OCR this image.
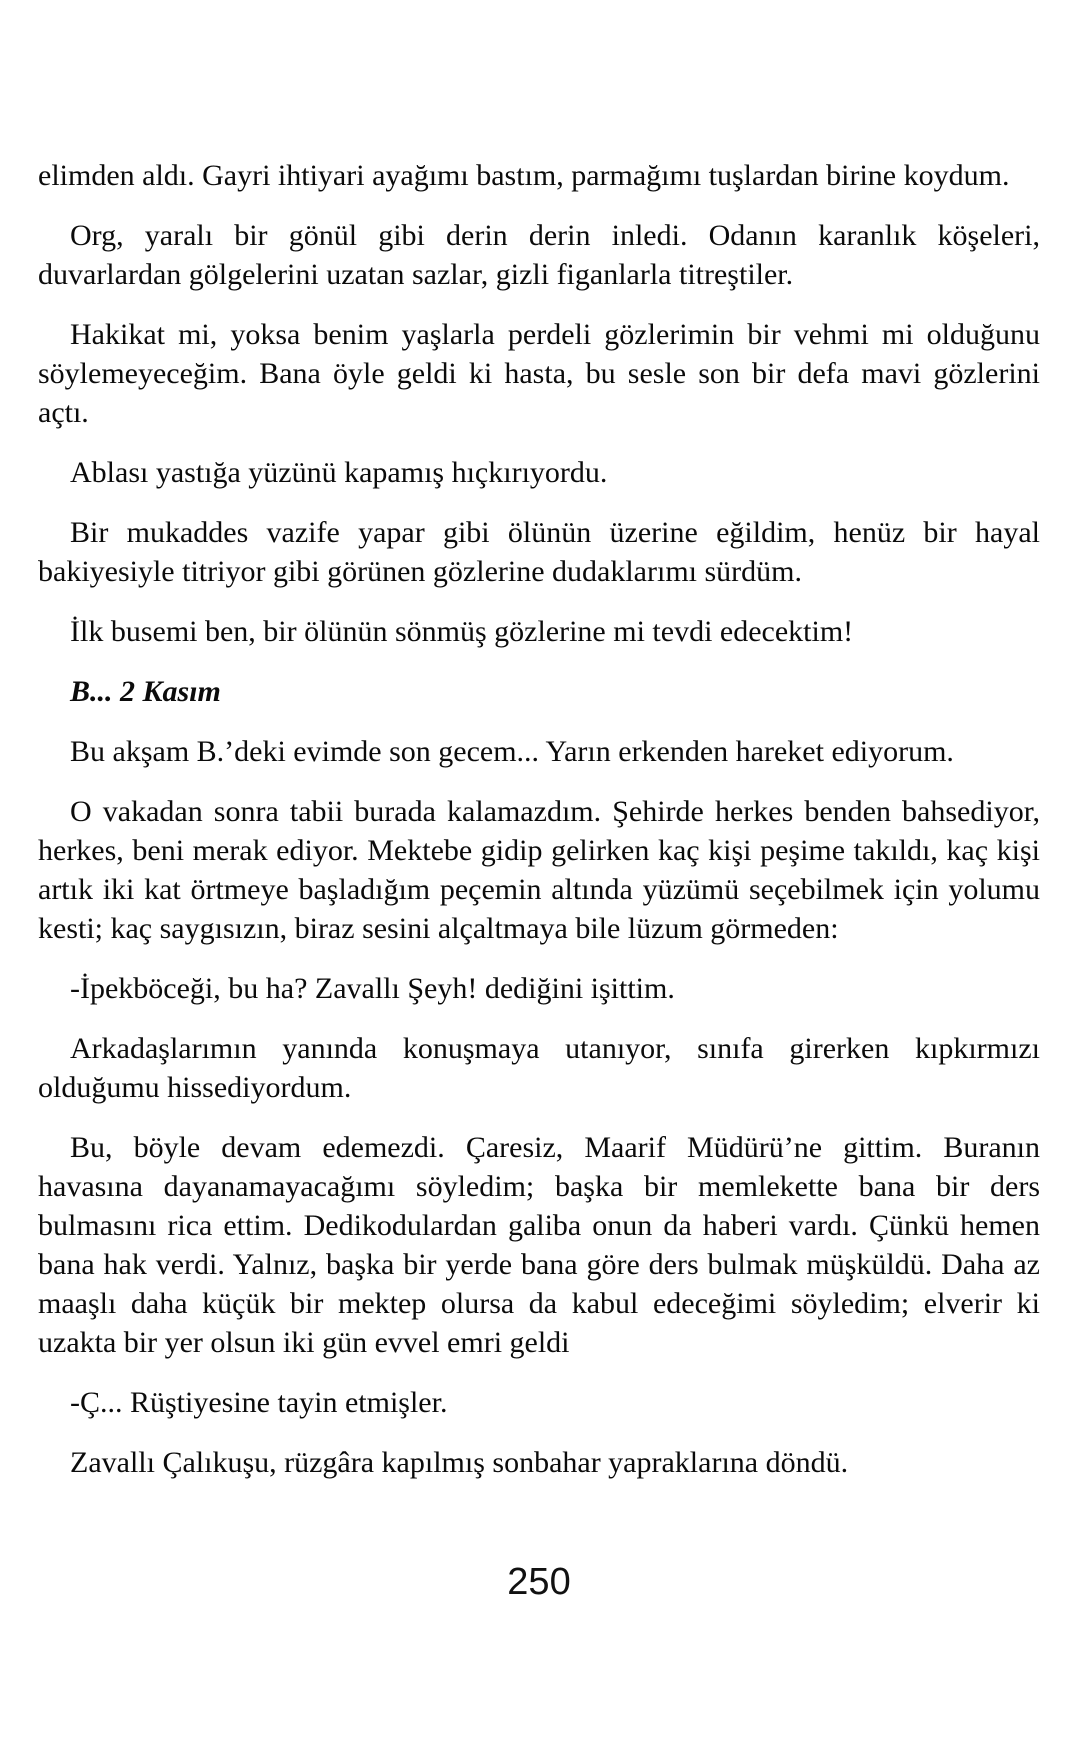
elimden aldı. Gayri ihtiyari ayağımı bastım, parmağımı tuşlardan birine koydum.

Org, yaralı bir gönül gibi derin derin inledi. Odanın karanlık köşeleri, duvarlardan gölgelerini uzatan sazlar, gizli figanlarla titreştiler.

Hakikat mi, yoksa benim yaşlarla perdeli gözlerimin bir vehmi mi olduğunu söylemeyeceğim. Bana öyle geldi ki hasta, bu sesle son bir defa mavi gözlerini açtı.

Ablası yastığa yüzünü kapamış hıçkırıyordu.

Bir mukaddes vazife yapar gibi ölünün üzerine eğildim, henüz bir hayal bakiyesiyle titriyor gibi görünen gözlerine dudaklarımı sürdüm.

İlk busemi ben, bir ölünün sönmüş gözlerine mi tevdi edecektim!

B... 2 Kasım

Bu akşam B.’deki evimde son gecem... Yarın erkenden hareket ediyorum.

O vakadan sonra tabii burada kalamazdım. Şehirde herkes benden bahsediyor, herkes, beni merak ediyor. Mektebe gidip gelirken kaç kişi peşime takıldı, kaç kişi artık iki kat örtmeye başladığım peçemin altında yüzümü seçebilmek için yolumu kesti; kaç saygısızın, biraz sesini alçaltmaya bile lüzum görmeden:

-İpekböceği, bu ha? Zavallı Şeyh! dediğini işittim.

Arkadaşlarımın yanında konuşmaya utanıyor, sınıfa girerken kıpkırmızı olduğumu hissediyordum.

Bu, böyle devam edemezdi. Çaresiz, Maarif Müdürü’ne gittim. Buranın havasına dayanamayacağımı söyledim; başka bir memlekette bana bir ders bulmasını rica ettim. Dedikodulardan galiba onun da haberi vardı. Çünkü hemen bana hak verdi. Yalnız, başka bir yerde bana göre ders bulmak müşküldü. Daha az maaşlı daha küçük bir mektep olursa da kabul edeceğimi söyledim; elverir ki uzakta bir yer olsun iki gün evvel emri geldi

-Ç... Rüştiyesine tayin etmişler.

Zavallı Çalıkuşu, rüzgâra kapılmış sonbahar yapraklarına döndü.

250
